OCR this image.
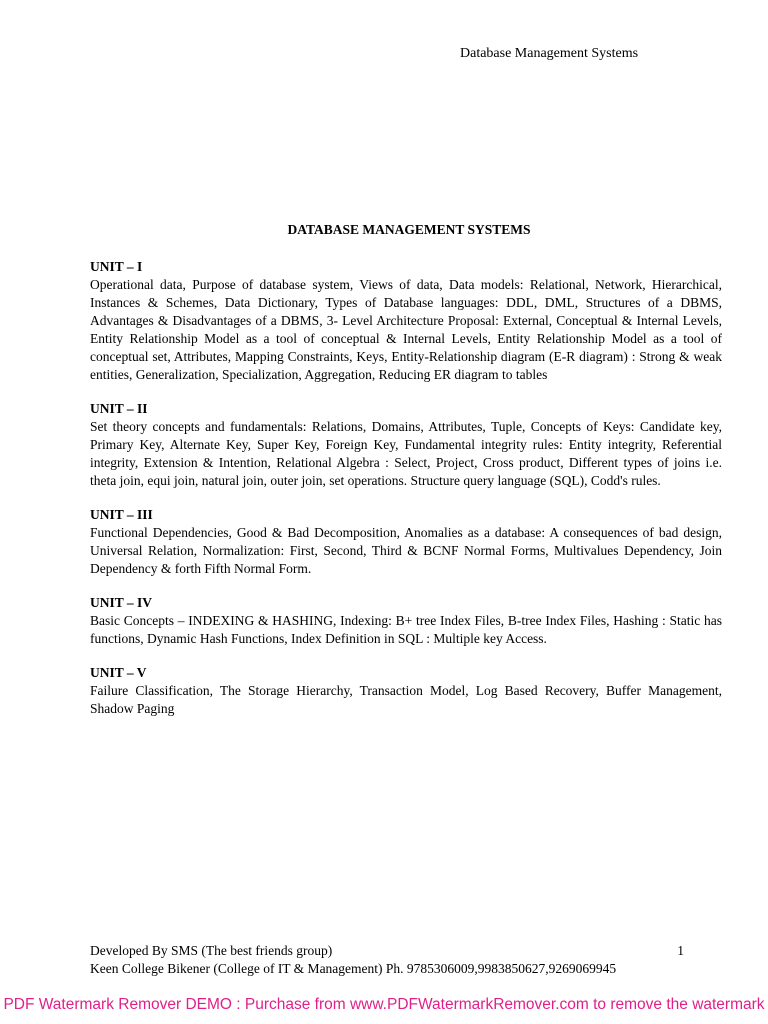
Database Management Systems
DATABASE MANAGEMENT SYSTEMS
UNIT – I
Operational data, Purpose of database system, Views of data, Data models: Relational, Network, Hierarchical, Instances & Schemes, Data Dictionary, Types of Database languages: DDL, DML, Structures of a DBMS, Advantages & Disadvantages of a DBMS, 3- Level Architecture Proposal: External, Conceptual & Internal Levels, Entity Relationship Model as a tool of conceptual & Internal Levels, Entity Relationship Model as a tool of conceptual set, Attributes, Mapping Constraints, Keys, Entity-Relationship diagram (E-R diagram) : Strong & weak entities, Generalization, Specialization, Aggregation, Reducing ER diagram to tables
UNIT – II
Set theory concepts and fundamentals: Relations, Domains, Attributes, Tuple, Concepts of Keys: Candidate key, Primary Key, Alternate Key, Super Key, Foreign Key, Fundamental integrity rules: Entity integrity, Referential integrity, Extension & Intention, Relational Algebra : Select, Project, Cross product, Different types of joins i.e. theta join, equi join, natural join, outer join, set operations. Structure query language (SQL), Codd's rules.
UNIT – III
Functional Dependencies, Good & Bad Decomposition, Anomalies as a database: A consequences of bad design, Universal Relation, Normalization: First, Second, Third & BCNF Normal Forms, Multivalues Dependency, Join Dependency & forth Fifth Normal Form.
UNIT – IV
Basic Concepts – INDEXING & HASHING, Indexing: B+ tree Index Files, B-tree Index Files, Hashing : Static has functions, Dynamic Hash Functions, Index Definition in SQL : Multiple key Access.
UNIT – V
Failure Classification, The Storage Hierarchy, Transaction Model, Log Based Recovery, Buffer Management, Shadow Paging
Developed By SMS (The best friends group)	1
Keen College Bikener (College of IT & Management) Ph. 9785306009,9983850627,9269069945
PDF Watermark Remover DEMO : Purchase from www.PDFWatermarkRemover.com to remove the watermark
